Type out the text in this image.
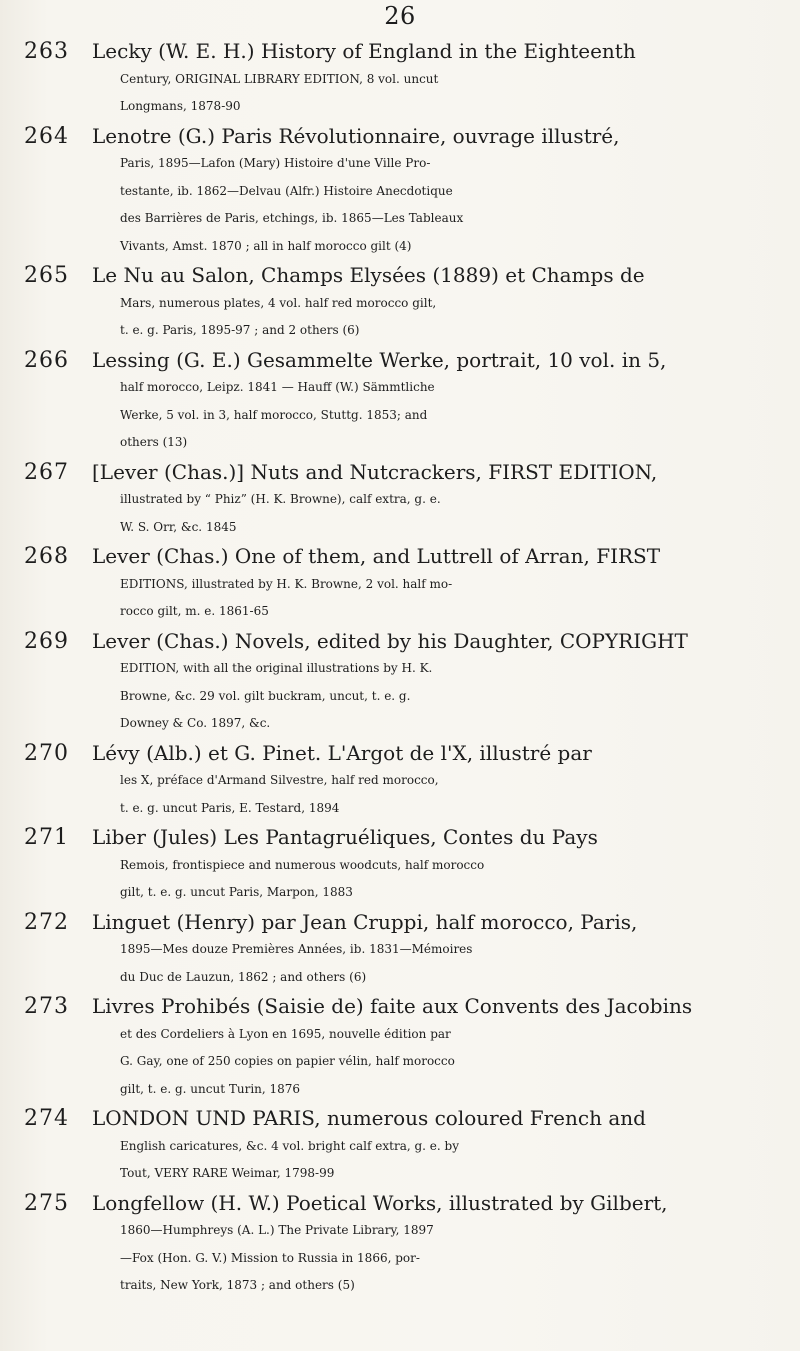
26
263	Lecky (W. E. H.) History of England in the Eighteenth
Century, ORIGINAL LIBRARY EDITION, 8 vol. uncut
Longmans, 1878-90
264	Lenotre (G.) Paris Révolutionnaire, ouvrage illustré,
Paris, 1895—Lafon (Mary) Histoire d'une Ville Pro-
testante, ib. 1862—Delvau (Alfr.) Histoire Anecdotique
des Barrières de Paris, etchings, ib. 1865—Les Tableaux
Vivants, Amst. 1870 ; all in half morocco gilt (4)
265	Le Nu au Salon, Champs Elysées (1889) et Champs de
Mars, numerous plates, 4 vol. half red morocco gilt,
t. e. g. Paris, 1895-97 ; and 2 others (6)
266	Lessing (G. E.) Gesammelte Werke, portrait, 10 vol. in 5,
half morocco, Leipz. 1841 — Hauff (W.) Sämmtliche
Werke, 5 vol. in 3, half morocco, Stuttg. 1853; and
others (13)
267	[Lever (Chas.)] Nuts and Nutcrackers, FIRST EDITION,
illustrated by “ Phiz” (H. K. Browne), calf extra, g. e.
W. S. Orr, &c. 1845
268	Lever (Chas.) One of them, and Luttrell of Arran, FIRST
EDITIONS, illustrated by H. K. Browne, 2 vol. half mo-
rocco gilt, m. e. 1861-65
269	Lever (Chas.) Novels, edited by his Daughter, COPYRIGHT
EDITION, with all the original illustrations by H. K.
Browne, &c. 29 vol. gilt buckram, uncut, t. e. g.
Downey & Co. 1897, &c.
270	Lévy (Alb.) et G. Pinet. L'Argot de l'X, illustré par
les X, préface d'Armand Silvestre, half red morocco,
t. e. g. uncut Paris, E. Testard, 1894
271	Liber (Jules) Les Pantagruéliques, Contes du Pays
Remois, frontispiece and numerous woodcuts, half morocco
gilt, t. e. g. uncut Paris, Marpon, 1883
272	Linguet (Henry) par Jean Cruppi, half morocco, Paris,
1895—Mes douze Premières Années, ib. 1831—Mémoires
du Duc de Lauzun, 1862 ; and others (6)
273	Livres Prohibés (Saisie de) faite aux Convents des Jacobins
et des Cordeliers à Lyon en 1695, nouvelle édition par
G. Gay, one of 250 copies on papier vélin, half morocco
gilt, t. e. g. uncut Turin, 1876
274	LONDON UND PARIS, numerous coloured French and
English caricatures, &c. 4 vol. bright calf extra, g. e. by
Tout, VERY RARE Weimar, 1798-99
275	Longfellow (H. W.) Poetical Works, illustrated by Gilbert,
1860—Humphreys (A. L.) The Private Library, 1897
—Fox (Hon. G. V.) Mission to Russia in 1866, por-
traits, New York, 1873 ; and others (5)
